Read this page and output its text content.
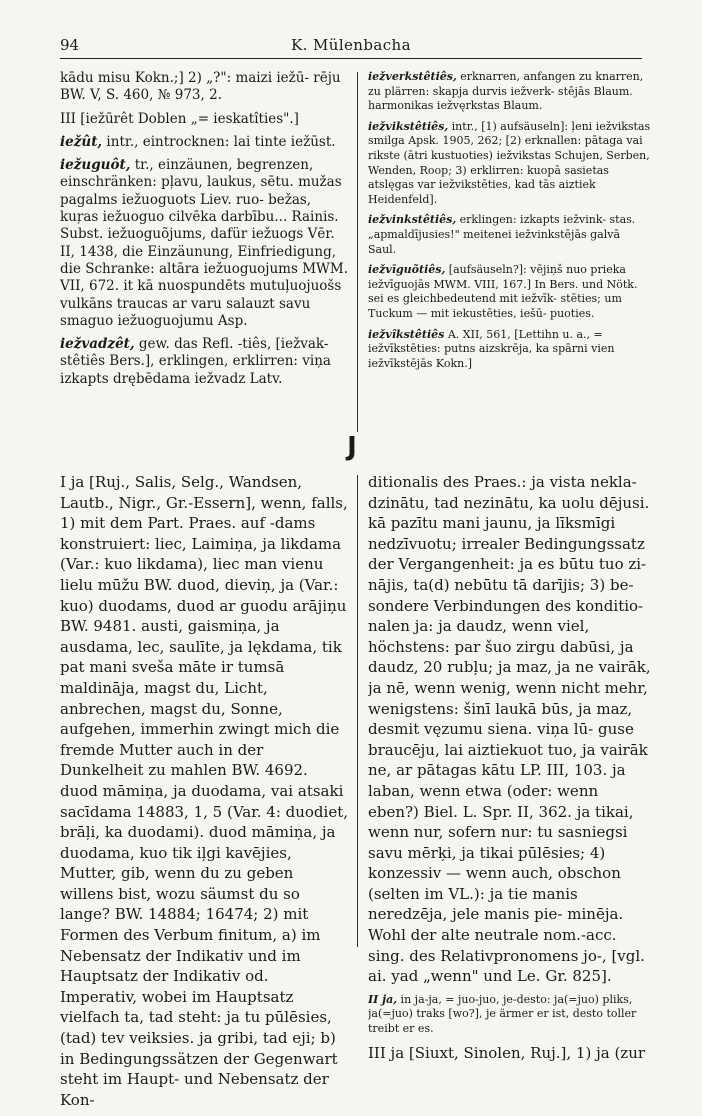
94	K. Mülenbacha

kādu misu Kokn.;] 2) „?": maizi iežū- rēju BW. V, S. 460, № 973, 2.

III [iežūrêt Doblen „= ieskatîties".]

iežût, intr., eintrocknen: lai tinte iežūst.

iežuguôt, tr., einzäunen, begrenzen, einschränken: pļavu, laukus, sētu. mužas pagalms iežuoguots Liev. ruo- bežas, kuŗas iežuoguo cilvēka darbību... Rainis. Subst. iežuoguõjums, dafür iežuogs Vēr. II, 1438, die Einzäunung, Einfriedigung, die Schranke: altāra iežuoguojums MWM. VII, 672. it kā nuospundēts mutuļuojuošs vulkāns traucas ar varu salauzt savu smaguo iežuoguojumu Asp.

iežvadzêt, gew. das Refl. -tiês, [iežvak- stêtiês Bers.], erklingen, erklirren: viņa izkapts drębēdama iežvadz Latv.

iežverkstêtiês, erknarren, anfangen zu knarren, zu plärren: skapja durvis iežverk- stējās Blaum. harmonikas iežvęrkstas Blaum.

iežvikstêtiês, intr., [1) aufsäuseln]: ļeni iežvikstas smilga Apsk. 1905, 262; [2) erknallen: pātaga vai rikste (ātri kustuoties) iežvikstas Schujen, Serben, Wenden, Roop; 3) erklirren: kuopā sasietas atslęgas var iežvikstēties, kad tās aiztiek Heidenfeld].

iežvinkstêtiês, erklingen: izkapts iežvink- stas. „apmaldījusies!" meitenei iežvinkstējās galvā Saul.

iežvīguõtiês, [aufsäuseln?]: vējiņš nuo prieka iežvīguojās MWM. VIII, 167.] In Bers. und Nötk. sei es gleichbedeutend mit iežvīk- stēties; um Tuckum — mit iekustēties, iešū- puoties.

iežvîkstêtiês A. XII, 561, [Lettihn u. a., = iežvīkstēties: putns aizskrēja, ka spārni vien iežvīkstējās Kokn.]

J

I ja [Ruj., Salis, Selg., Wandsen, Lautb., Nigr., Gr.-Essern], wenn, falls, 1) mit dem Part. Praes. auf -dams konstruiert: liec, Laimiņa, ja likdama (Var.: kuo likdama), liec man vienu lielu mūžu BW. duod, dieviņ, ja (Var.: kuo) duodams, duod ar guodu arājiņu BW. 9481. austi, gaismiņa, ja ausdama, lec, saulīte, ja lękdama, tik pat mani sveša māte ir tumsā maldināja, magst du, Licht, anbrechen, magst du, Sonne, aufgehen, immerhin zwingt mich die fremde Mutter auch in der Dunkelheit zu mahlen BW. 4692. duod māmiņa, ja duodama, vai atsaki sacīdama 14883, 1, 5 (Var. 4: duodiet, brāļi, ka duodami). duod māmiņa, ja duodama, kuo tik iļgi kavējies, Mutter, gib, wenn du zu geben willens bist, wozu säumst du so lange? BW. 14884; 16474; 2) mit Formen des Verbum finitum, a) im Nebensatz der Indikativ und im Hauptsatz der Indikativ od. Imperativ, wobei im Hauptsatz vielfach ta, tad steht: ja tu pūlēsies, (tad) tev veiksies. ja gribi, tad eji; b) in Bedingungssätzen der Gegenwart steht im Haupt- und Nebensatz der Kon-

ditionalis des Praes.: ja vista nekla- dzinātu, tad nezinātu, ka uolu dējusi. kā pazītu mani jaunu, ja līksmīgi nedzīvuotu; irrealer Bedingungssatz der Vergangenheit: ja es būtu tuo zi- nājis, ta(d) nebūtu tā darījis; 3) be- sondere Verbindungen des konditio- nalen ja: ja daudz, wenn viel, höchstens: par šuo zirgu dabūsi, ja daudz, 20 rubļu; ja maz, ja ne vairāk, ja nē, wenn wenig, wenn nicht mehr, wenigstens: šinī laukā būs, ja maz, desmit vęzumu siena. viņa lū- guse braucēju, lai aiztiekuot tuo, ja vairāk ne, ar pātagas kātu LP. III, 103. ja laban, wenn etwa (oder: wenn eben?) Biel. L. Spr. II, 362. ja tikai, wenn nur, sofern nur: tu sasniegsi savu mērķi, ja tikai pūlēsies; 4) konzessiv — wenn auch, obschon (selten im VL.): ja tie manis neredzēja, jele manis pie- minēja. Wohl der alte neutrale nom.-acc. sing. des Relativpronomens jo-, [vgl. ai. yad „wenn" und Le. Gr. 825].

II ja, in ja-ja, = juo-juo, je-desto: ja(=juo) pliks, ja(=juo) traks [wo?], je ärmer er ist, desto toller treibt er es.

III ja [Siuxt, Sinolen, Ruj.], 1) ja (zur
